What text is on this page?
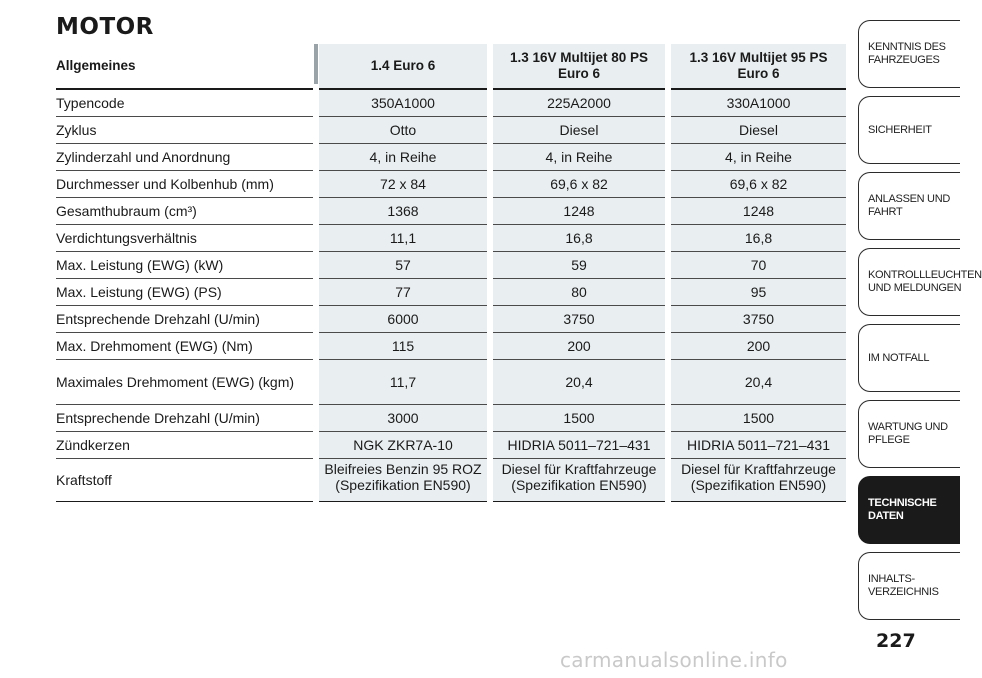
MOTOR
Allgemeines	1.4 Euro 6	1.3 16V Multijet 80 PS Euro 6	1.3 16V Multijet 95 PS Euro 6
Typencode	350A1000	225A2000	330A1000
Zyklus	Otto	Diesel	Diesel
Zylinderzahl und Anordnung	4, in Reihe	4, in Reihe	4, in Reihe
Durchmesser und Kolbenhub (mm)	72 x 84	69,6 x 82	69,6 x 82
Gesamthubraum (cm³)	1368	1248	1248
Verdichtungsverhältnis	11,1	16,8	16,8
Max. Leistung (EWG) (kW)	57	59	70
Max. Leistung (EWG) (PS)	77	80	95
Entsprechende Drehzahl (U/min)	6000	3750	3750
Max. Drehmoment (EWG) (Nm)	115	200	200
Maximales Drehmoment (EWG) (kgm)	11,7	20,4	20,4
Entsprechende Drehzahl (U/min)	3000	1500	1500
Zündkerzen	NGK ZKR7A-10	HIDRIA 5011–721–431	HIDRIA 5011–721–431
Kraftstoff	Bleifreies Benzin 95 ROZ (Spezifikation EN590)	Diesel für Kraftfahrzeuge (Spezifikation EN590)	Diesel für Kraftfahrzeuge (Spezifikation EN590)
KENNTNIS DES
FAHRZEUGES
SICHERHEIT
ANLASSEN UND
FAHRT
KONTROLLLEUCHTEN
UND MELDUNGEN
IM NOTFALL
WARTUNG UND
PFLEGE
TECHNISCHE
DATEN
INHALTS-
VERZEICHNIS
227
carmanualsonline.info
